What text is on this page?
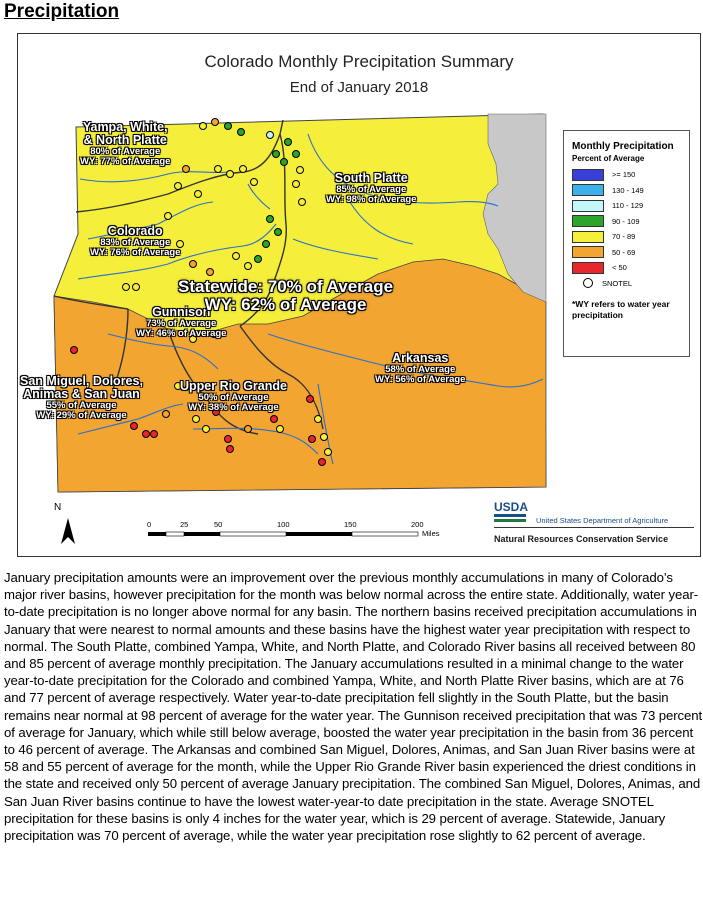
Precipitation
Colorado Monthly Precipitation Summary
End of January 2018
Yampa, White,
& North Platte
80% of Average
WY: 77% of Average
South Platte
85% of Average
WY: 98% of Average
Colorado
83% of Average
WY: 76% of Average
Gunnison
73% of Average
WY: 46% of Average
Arkansas
58% of Average
WY: 56% of Average
San Miguel, Dolores,
Animas & San Juan
55% of Average
WY: 29% of Average
Upper Rio Grande
50% of Average
WY: 38% of Average
Statewide: 70% of Average
WY: 62% of Average
Monthly Precipitation
Percent of Average
>= 150
130 - 149
110 - 129
90 - 109
70 - 89
50 - 69
< 50
SNOTEL
*WY refers to water year precipitation
N
0	25	50	100	150	200
Miles
USDA
United States Department of Agriculture
Natural Resources Conservation Service
January precipitation amounts were an improvement over the previous monthly accumulations in many of Colorado’s major river basins, however precipitation for the month was below normal across the entire state. Additionally, water year-to-date precipitation is no longer above normal for any basin. The northern basins received precipitation accumulations in January that were nearest to normal amounts and these basins have the highest water year precipitation with respect to normal. The South Platte, combined Yampa, White, and North Platte, and Colorado River basins all received between 80 and 85 percent of average monthly precipitation. The January accumulations resulted in a minimal change to the water year-to-date precipitation for the Colorado and combined Yampa, White, and North Platte River basins, which are at 76 and 77 percent of average respectively. Water year-to-date precipitation fell slightly in the South Platte, but the basin remains near normal at 98 percent of average for the water year. The Gunnison received precipitation that was 73 percent of average for January, which while still below average, boosted the water year precipitation in the basin from 36 percent to 46 percent of average. The Arkansas and combined San Miguel, Dolores, Animas, and San Juan River basins were at 58 and 55 percent of average for the month, while the Upper Rio Grande River basin experienced the driest conditions in the state and received only 50 percent of average January precipitation. The combined San Miguel, Dolores, Animas, and San Juan River basins continue to have the lowest water-year-to date precipitation in the state. Average SNOTEL precipitation for these basins is only 4 inches for the water year, which is 29 percent of average. Statewide, January precipitation was 70 percent of average, while the water year precipitation rose slightly to 62 percent of average.
